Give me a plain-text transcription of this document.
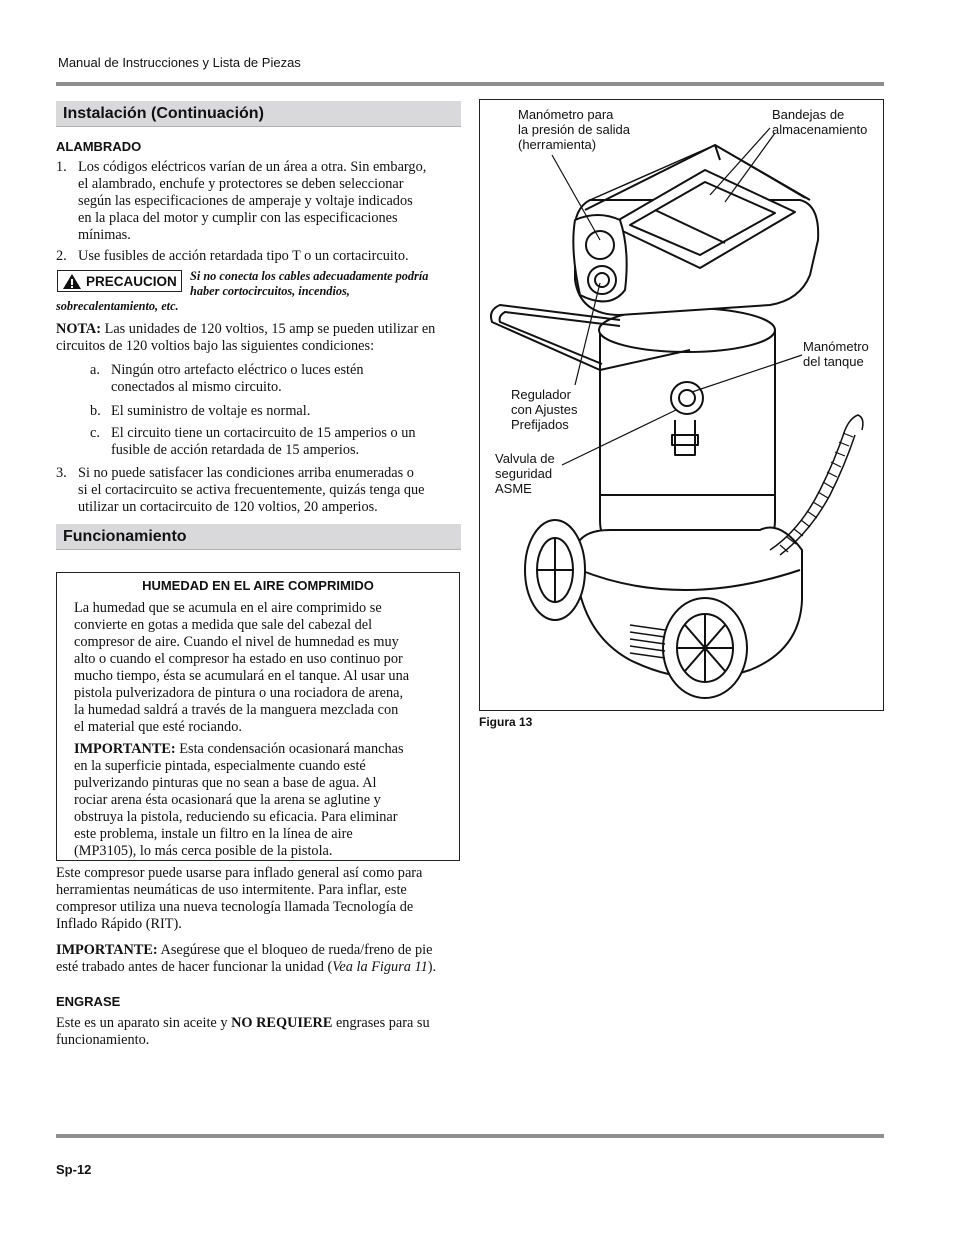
Manual de Instrucciones y Lista de Piezas
Instalación (Continuación)
ALAMBRADO
1. Los códigos eléctricos varían de un área a otra. Sin embargo,
el alambrado, enchufe y protectores se deben seleccionar
según las especificaciones de amperaje y voltaje indicados
en la placa del motor y cumplir con las especificaciones
mínimas.
2. Use fusibles de acción retardada tipo T o un cortacircuito.
PRECAUCION Si no conecta los cables adecuadamente podría
haber cortocircuitos, incendios,
sobrecalentamiento, etc.
NOTA: Las unidades de 120 voltios, 15 amp se pueden utilizar en
circuitos de 120 voltios bajo las siguientes condiciones:
a. Ningún otro artefacto eléctrico o luces estén
conectados al mismo circuito.
b. El suministro de voltaje es normal.
c. El circuito tiene un cortacircuito de 15 amperios o un
fusible de acción retardada de 15 amperios.
3. Si no puede satisfacer las condiciones arriba enumeradas o
si el cortacircuito se activa frecuentemente, quizás tenga que
utilizar un cortacircuito de 120 voltios, 20 amperios.
Funcionamiento
HUMEDAD EN EL AIRE COMPRIMIDO
La humedad que se acumula en el aire comprimido se
convierte en gotas a medida que sale del cabezal del
compresor de aire. Cuando el nivel de humnedad es muy
alto o cuando el compresor ha estado en uso continuo por
mucho tiempo, ésta se acumulará en el tanque. Al usar una
pistola pulverizadora de pintura o una rociadora de arena,
la humedad saldrá a través de la manguera mezclada con
el material que esté rociando.
IMPORTANTE: Esta condensación ocasionará manchas
en la superficie pintada, especialmente cuando esté
pulverizando pinturas que no sean a base de agua. Al
rociar arena ésta ocasionará que la arena se aglutine y
obstruya la pistola, reduciendo su eficacia. Para eliminar
este problema, instale un filtro en la línea de aire
(MP3105), lo más cerca posible de la pistola.
Este compresor puede usarse para inflado general así como para
herramientas neumáticas de uso intermitente. Para inflar, este
compresor utiliza una nueva tecnología llamada Tecnología de
Inflado Rápido (RIT).
IMPORTANTE: Asegúrese que el bloqueo de rueda/freno de pie
esté trabado antes de hacer funcionar la unidad (Vea la Figura 11).
ENGRASE
Este es un aparato sin aceite y NO REQUIERE engrases para su
funcionamiento.
Manómetro para
la presión de salida
(herramienta)
Bandejas de
almacenamiento
Manómetro
del tanque
Regulador
con Ajustes
Prefijados
Valvula de
seguridad
ASME
Figura 13
Sp-12
